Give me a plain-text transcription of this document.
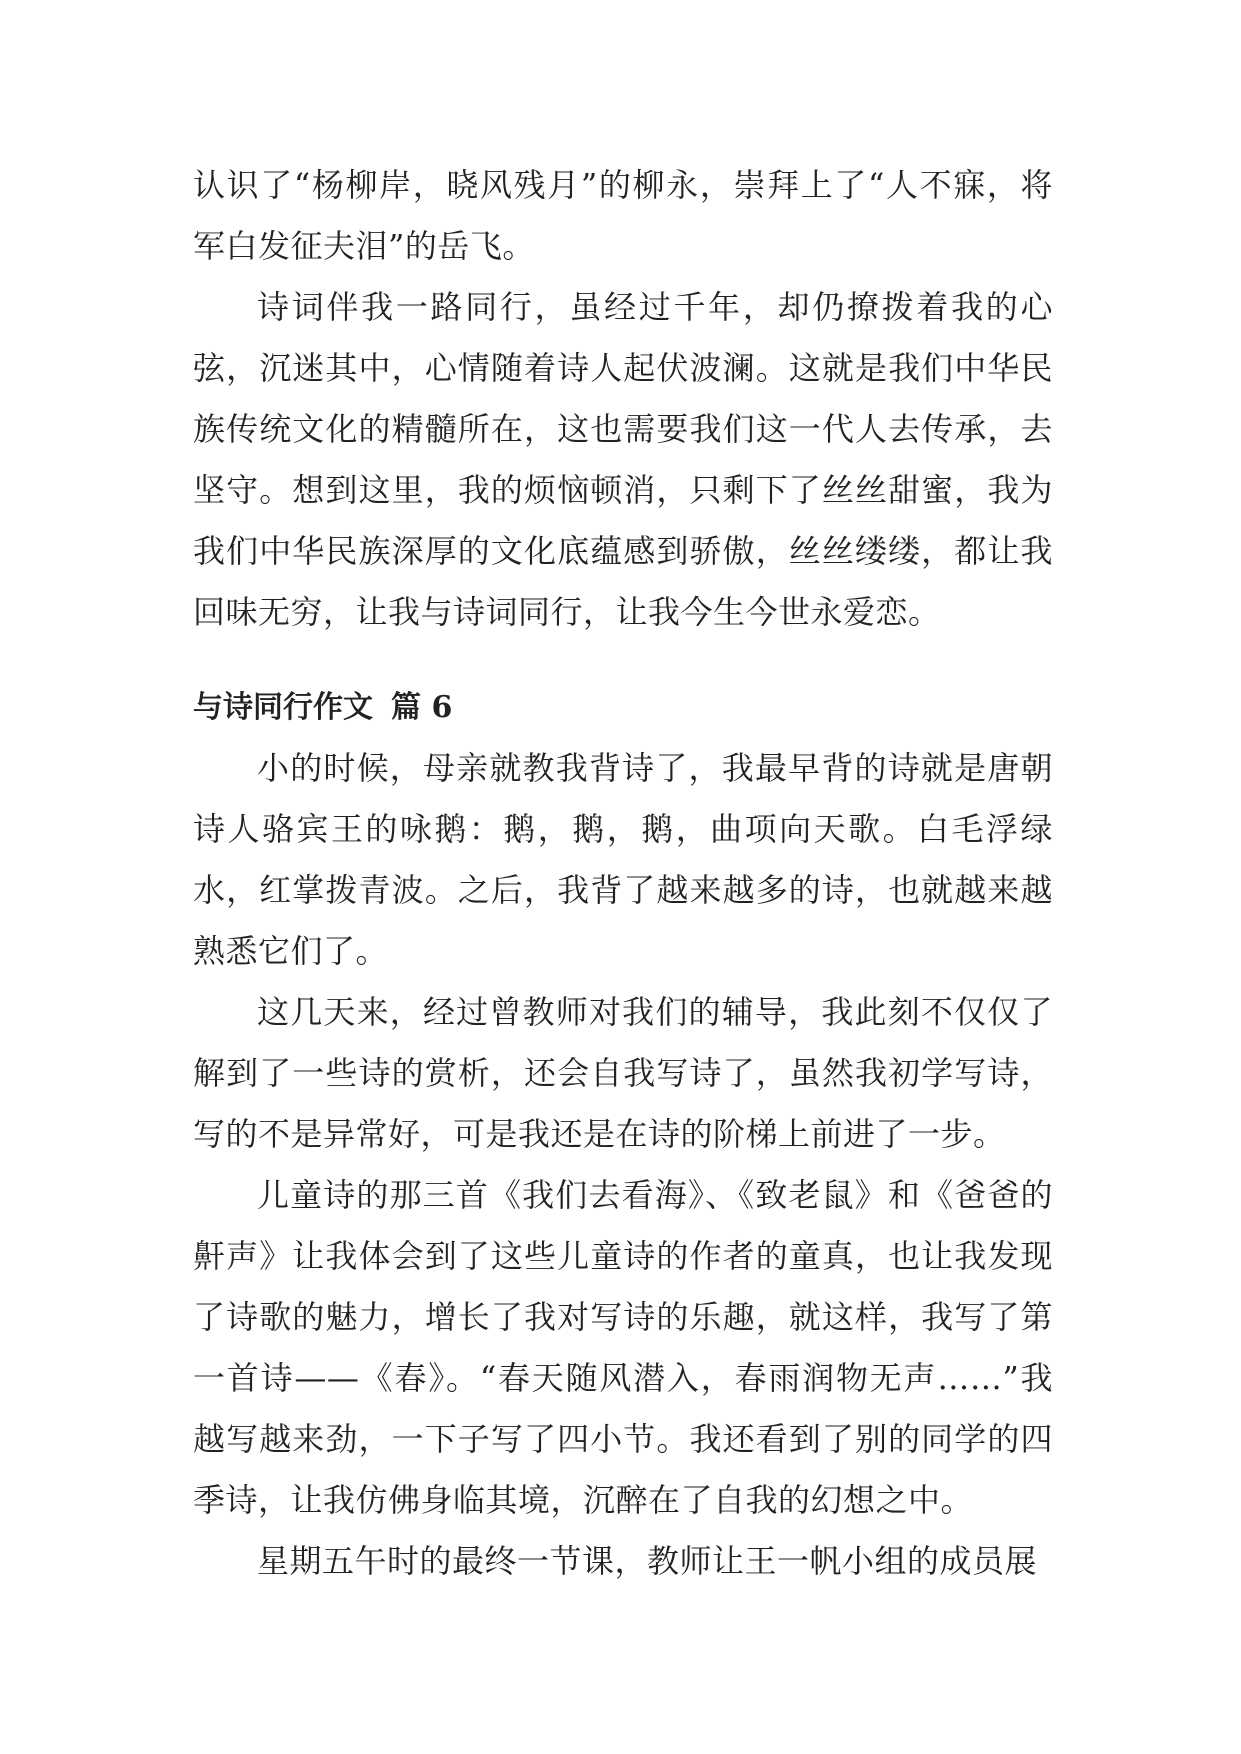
认识了“杨柳岸，晓风残月”的柳永，崇拜上了“人不寐，将军白发征夫泪”的岳飞。

诗词伴我一路同行，虽经过千年，却仍撩拨着我的心弦，沉迷其中，心情随着诗人起伏波澜。这就是我们中华民族传统文化的精髓所在，这也需要我们这一代人去传承，去坚守。想到这里，我的烦恼顿消，只剩下了丝丝甜蜜，我为我们中华民族深厚的文化底蕴感到骄傲，丝丝缕缕，都让我回味无穷，让我与诗词同行，让我今生今世永爱恋。

与诗同行作文 篇 6

小的时候，母亲就教我背诗了，我最早背的诗就是唐朝诗人骆宾王的咏鹅：鹅，鹅，鹅，曲项向天歌。白毛浮绿水，红掌拨青波。之后，我背了越来越多的诗，也就越来越熟悉它们了。

这几天来，经过曾教师对我们的辅导，我此刻不仅仅了解到了一些诗的赏析，还会自我写诗了，虽然我初学写诗，写的不是异常好，可是我还是在诗的阶梯上前进了一步。

儿童诗的那三首《我们去看海》、《致老鼠》和《爸爸的鼾声》让我体会到了这些儿童诗的作者的童真，也让我发现了诗歌的魅力，增长了我对写诗的乐趣，就这样，我写了第一首诗——《春》。“春天随风潜入，春雨润物无声……”我越写越来劲，一下子写了四小节。我还看到了别的同学的四季诗，让我仿佛身临其境，沉醉在了自我的幻想之中。

星期五午时的最终一节课，教师让王一帆小组的成员展
